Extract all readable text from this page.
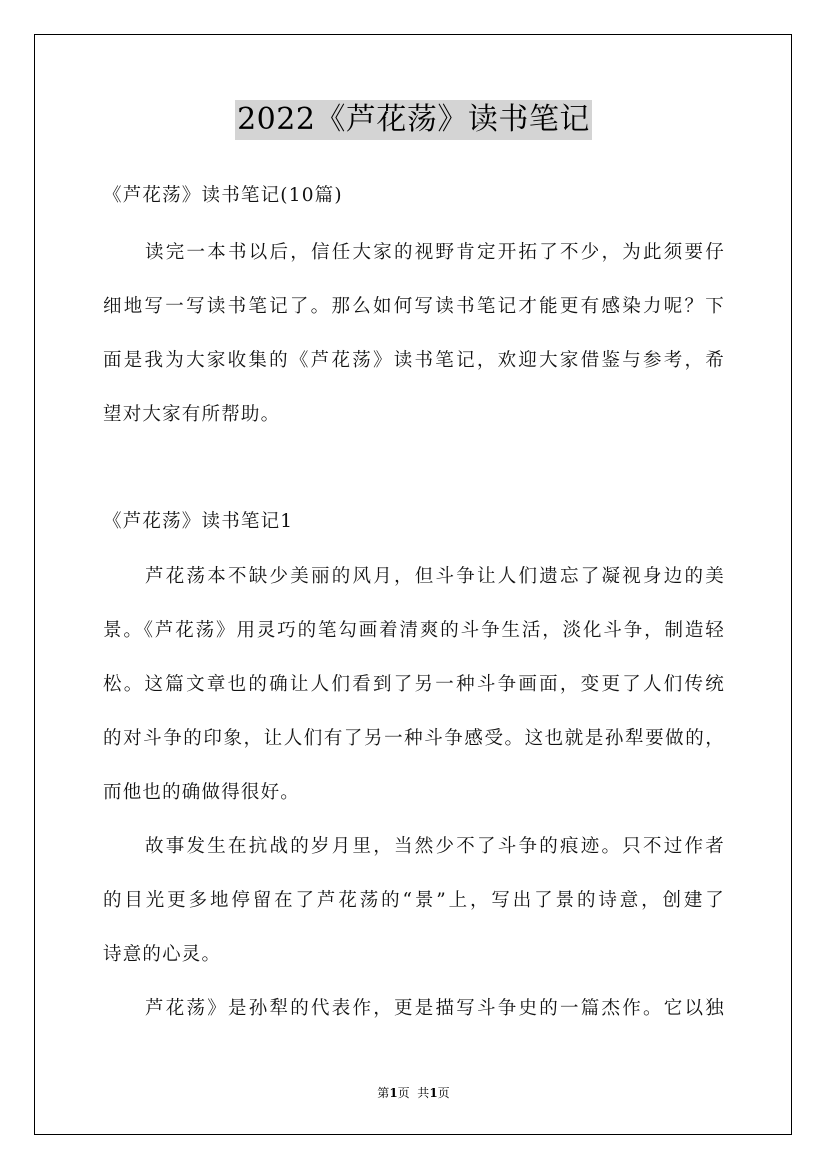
2022《芦花荡》读书笔记
《芦花荡》读书笔记(10篇)
读完一本书以后，信任大家的视野肯定开拓了不少，为此须要仔
细地写一写读书笔记了。那么如何写读书笔记才能更有感染力呢？下
面是我为大家收集的《芦花荡》读书笔记，欢迎大家借鉴与参考，希
望对大家有所帮助。
《芦花荡》读书笔记1
芦花荡本不缺少美丽的风月，但斗争让人们遗忘了凝视身边的美
景。《芦花荡》用灵巧的笔勾画着清爽的斗争生活，淡化斗争，制造轻
松。这篇文章也的确让人们看到了另一种斗争画面，变更了人们传统
的对斗争的印象，让人们有了另一种斗争感受。这也就是孙犁要做的，
而他也的确做得很好。
故事发生在抗战的岁月里，当然少不了斗争的痕迹。只不过作者
的目光更多地停留在了芦花荡的“景”上，写出了景的诗意，创建了
诗意的心灵。
芦花荡》是孙犁的代表作，更是描写斗争史的一篇杰作。它以独
第1页  共1页
